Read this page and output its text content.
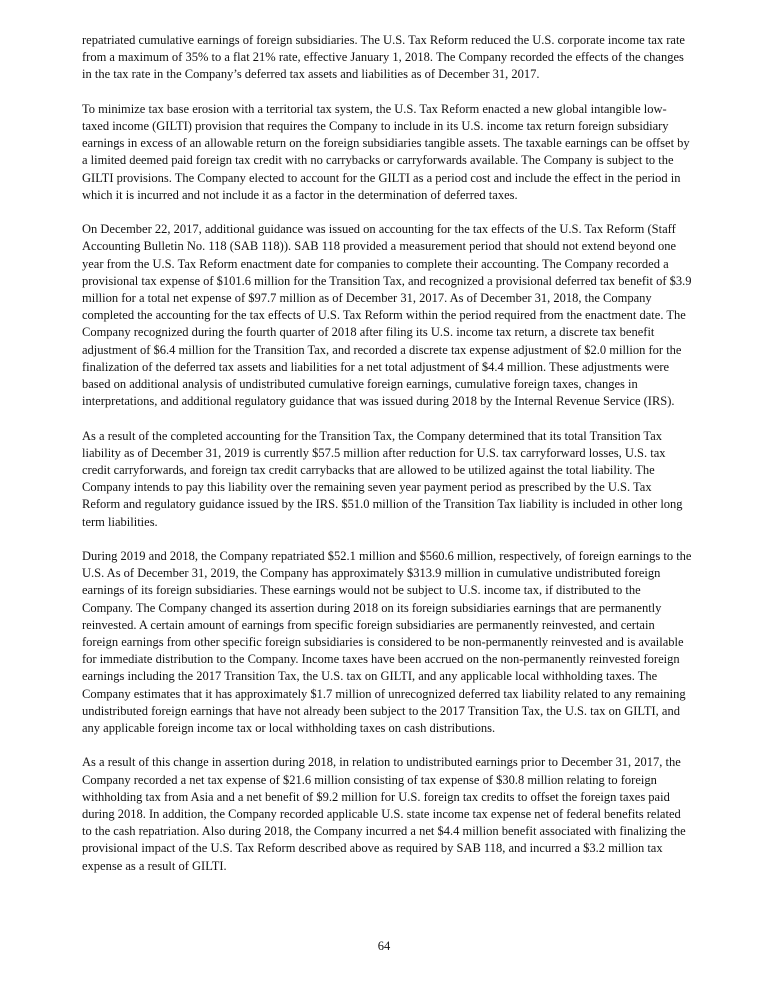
repatriated cumulative earnings of foreign subsidiaries. The U.S. Tax Reform reduced the U.S. corporate income tax rate from a maximum of 35% to a flat 21% rate, effective January 1, 2018. The Company recorded the effects of the changes in the tax rate in the Company’s deferred tax assets and liabilities as of December 31, 2017.

To minimize tax base erosion with a territorial tax system, the U.S. Tax Reform enacted a new global intangible low-taxed income (GILTI) provision that requires the Company to include in its U.S. income tax return foreign subsidiary earnings in excess of an allowable return on the foreign subsidiaries tangible assets. The taxable earnings can be offset by a limited deemed paid foreign tax credit with no carrybacks or carryforwards available. The Company is subject to the GILTI provisions. The Company elected to account for the GILTI as a period cost and include the effect in the period in which it is incurred and not include it as a factor in the determination of deferred taxes.

On December 22, 2017, additional guidance was issued on accounting for the tax effects of the U.S. Tax Reform (Staff Accounting Bulletin No. 118 (SAB 118)). SAB 118 provided a measurement period that should not extend beyond one year from the U.S. Tax Reform enactment date for companies to complete their accounting. The Company recorded a provisional tax expense of $101.6 million for the Transition Tax, and recognized a provisional deferred tax benefit of $3.9 million for a total net expense of $97.7 million as of December 31, 2017. As of December 31, 2018, the Company completed the accounting for the tax effects of U.S. Tax Reform within the period required from the enactment date. The Company recognized during the fourth quarter of 2018 after filing its U.S. income tax return, a discrete tax benefit adjustment of $6.4 million for the Transition Tax, and recorded a discrete tax expense adjustment of $2.0 million for the finalization of the deferred tax assets and liabilities for a net total adjustment of $4.4 million. These adjustments were based on additional analysis of undistributed cumulative foreign earnings, cumulative foreign taxes, changes in interpretations, and additional regulatory guidance that was issued during 2018 by the Internal Revenue Service (IRS).

As a result of the completed accounting for the Transition Tax, the Company determined that its total Transition Tax liability as of December 31, 2019 is currently $57.5 million after reduction for U.S. tax carryforward losses, U.S. tax credit carryforwards, and foreign tax credit carrybacks that are allowed to be utilized against the total liability. The Company intends to pay this liability over the remaining seven year payment period as prescribed by the U.S. Tax Reform and regulatory guidance issued by the IRS. $51.0 million of the Transition Tax liability is included in other long term liabilities.

During 2019 and 2018, the Company repatriated $52.1 million and $560.6 million, respectively, of foreign earnings to the U.S. As of December 31, 2019, the Company has approximately $313.9 million in cumulative undistributed foreign earnings of its foreign subsidiaries. These earnings would not be subject to U.S. income tax, if distributed to the Company. The Company changed its assertion during 2018 on its foreign subsidiaries earnings that are permanently reinvested. A certain amount of earnings from specific foreign subsidiaries are permanently reinvested, and certain foreign earnings from other specific foreign subsidiaries is considered to be non-permanently reinvested and is available for immediate distribution to the Company. Income taxes have been accrued on the non-permanently reinvested foreign earnings including the 2017 Transition Tax, the U.S. tax on GILTI, and any applicable local withholding taxes. The Company estimates that it has approximately $1.7 million of unrecognized deferred tax liability related to any remaining undistributed foreign earnings that have not already been subject to the 2017 Transition Tax, the U.S. tax on GILTI, and any applicable foreign income tax or local withholding taxes on cash distributions.

As a result of this change in assertion during 2018, in relation to undistributed earnings prior to December 31, 2017, the Company recorded a net tax expense of $21.6 million consisting of tax expense of $30.8 million relating to foreign withholding tax from Asia and a net benefit of $9.2 million for U.S. foreign tax credits to offset the foreign taxes paid during 2018. In addition, the Company recorded applicable U.S. state income tax expense net of federal benefits related to the cash repatriation. Also during 2018, the Company incurred a net $4.4 million benefit associated with finalizing the provisional impact of the U.S. Tax Reform described above as required by SAB 118, and incurred a $3.2 million tax expense as a result of GILTI.

64
